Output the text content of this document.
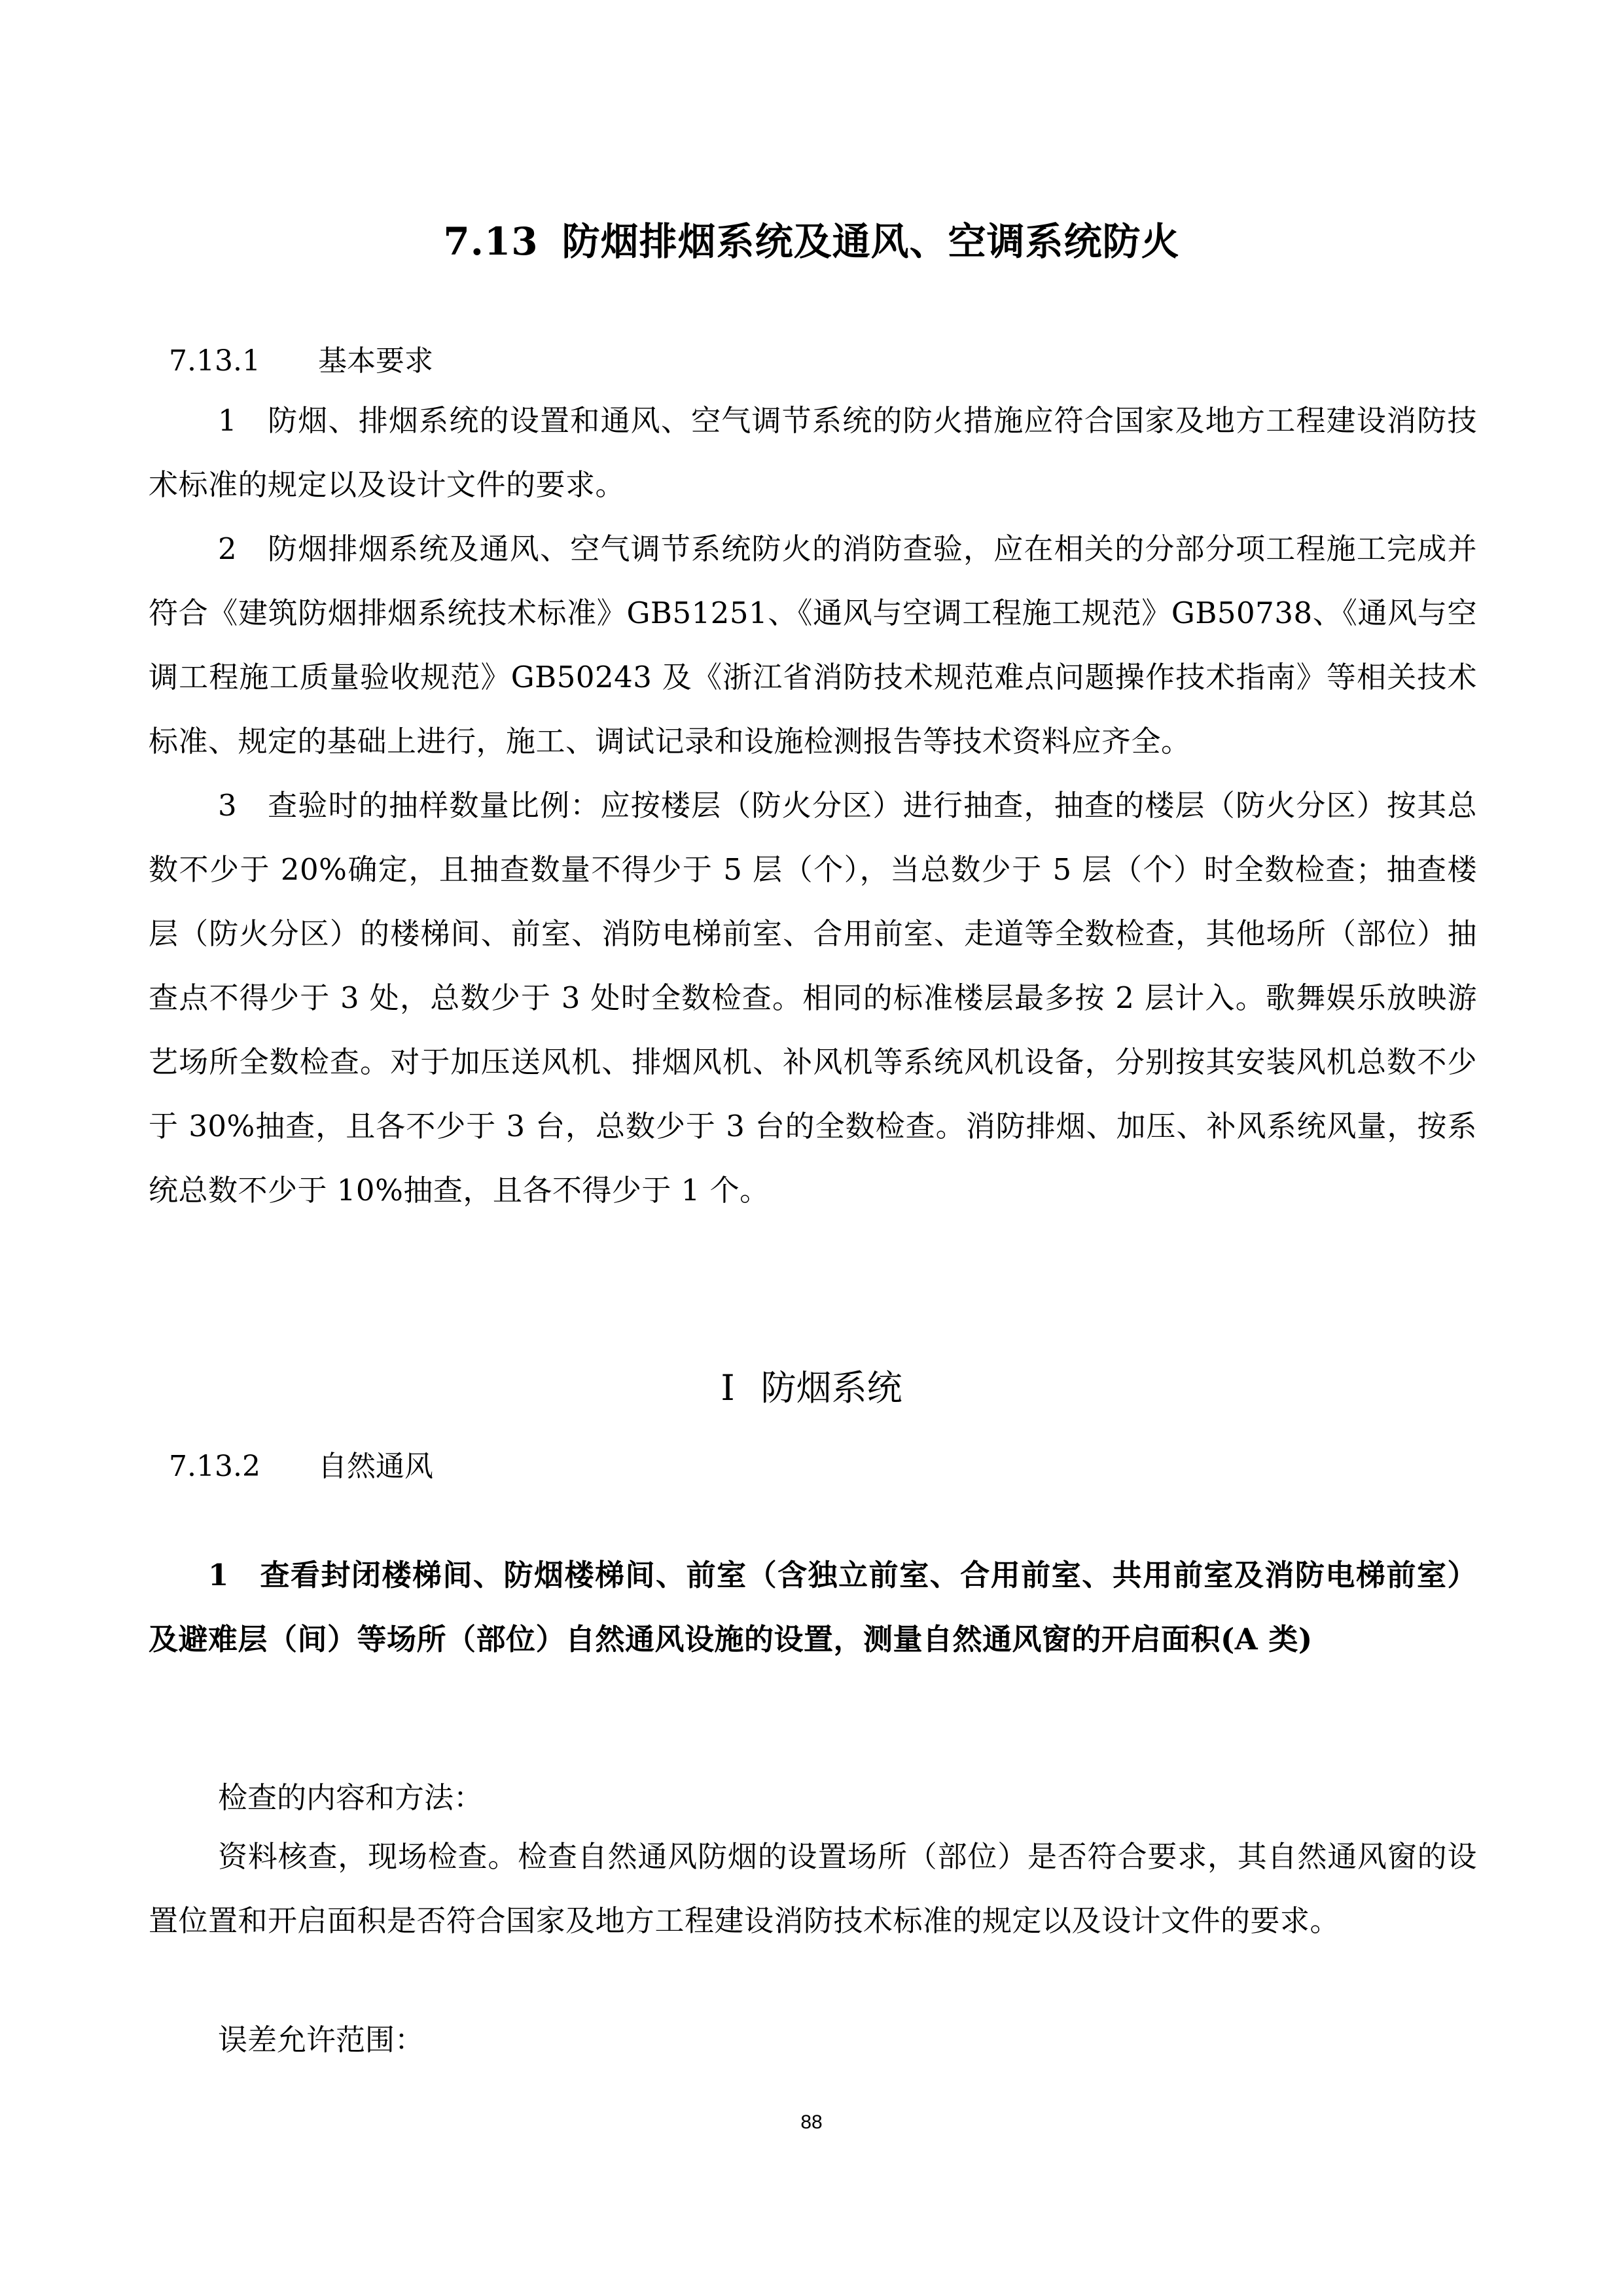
7.13 防烟排烟系统及通风、空调系统防火
7.13.1 基本要求
1　防烟、排烟系统的设置和通风、空气调节系统的防火措施应符合国家及地方工程建设消防技术标准的规定以及设计文件的要求。
2　防烟排烟系统及通风、空气调节系统防火的消防查验，应在相关的分部分项工程施工完成并符合《建筑防烟排烟系统技术标准》GB51251、《通风与空调工程施工规范》GB50738、《通风与空调工程施工质量验收规范》GB50243 及《浙江省消防技术规范难点问题操作技术指南》等相关技术标准、规定的基础上进行，施工、调试记录和设施检测报告等技术资料应齐全。
3　查验时的抽样数量比例：应按楼层（防火分区）进行抽查，抽查的楼层（防火分区）按其总数不少于 20%确定，且抽查数量不得少于 5 层（个），当总数少于 5 层（个）时全数检查；抽查楼层（防火分区）的楼梯间、前室、消防电梯前室、合用前室、走道等全数检查，其他场所（部位）抽查点不得少于 3 处，总数少于 3 处时全数检查。相同的标准楼层最多按 2 层计入。歌舞娱乐放映游艺场所全数检查。对于加压送风机、排烟风机、补风机等系统风机设备，分别按其安装风机总数不少于 30%抽查，且各不少于 3 台，总数少于 3 台的全数检查。消防排烟、加压、补风系统风量，按系统总数不少于 10%抽查，且各不得少于 1 个。
I 防烟系统
7.13.2 自然通风
1　查看封闭楼梯间、防烟楼梯间、前室（含独立前室、合用前室、共用前室及消防电梯前室）及避难层（间）等场所（部位）自然通风设施的设置，测量自然通风窗的开启面积(A 类)
检查的内容和方法：
资料核查，现场检查。检查自然通风防烟的设置场所（部位）是否符合要求，其自然通风窗的设置位置和开启面积是否符合国家及地方工程建设消防技术标准的规定以及设计文件的要求。
误差允许范围：
88
